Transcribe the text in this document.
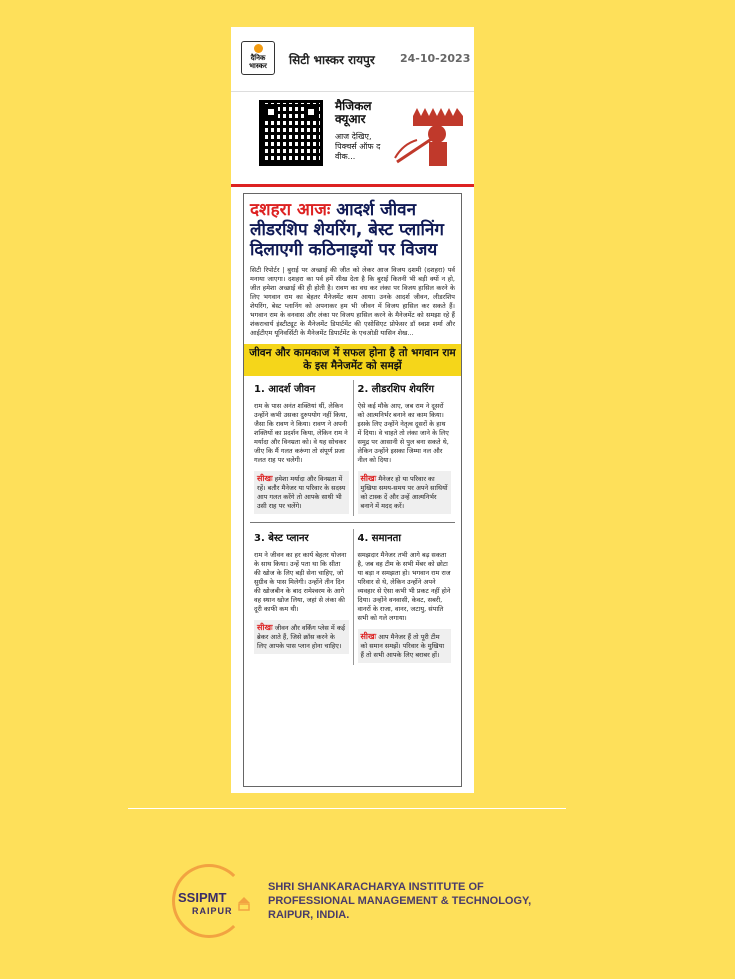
दैनिक भास्कर	सिटी भास्कर रायपुर 24-10-2023
मैजिकल क्यूआर
आज देखिए, पिक्चर्स ऑफ द वीक...
दशहरा आजः आदर्श जीवन लीडरशिप शेयरिंग, बेस्ट प्लानिंग दिलाएगी कठिनाइयों पर विजय
सिटी रिपोर्टर | बुराई पर अच्छाई की जीत को लेकर आज विजय दशमी (दशहरा) पर्व मनाया जाएगा। दशहरा का पर्व हमें सीख देता है कि बुराई कितनी भी बड़ी क्यों न हो, जीत हमेशा अच्छाई की ही होती है। रावण का वध कर लंका पर विजय हासिल करने के लिए भगवान राम का बेहतर मैनेजमेंट काम आया। उनके आदर्श जीवन, लीडरशिप शेयरिंग, बेस्ट प्लानिंग को अपनाकर हम भी जीवन में विजय हासिल कर सकते हैं। भगवान राम के वनवास और लंका पर विजय हासिल करने के मैनेजमेंट को समझा रहे हैं शंकराचार्य इंस्टीट्यूट के मैनेजमेंट डिपार्टमेंट की एसोसिएट प्रोफेसर डॉ स्वप्ना शर्मा और आईटीएम यूनिवर्सिटी के मैनेजमेंट डिपार्टमेंट के एचओडी यासिन शेख...
जीवन और कामकाज में सफल होना है तो भगवान राम के इस मैनेजमेंट को समझें
1. आदर्श जीवन
राम के पास अनंत शक्तियां थीं, लेकिन उन्होंने कभी उसका दुरुपयोग नहीं किया, जैसा कि रावण ने किया। रावण ने अपनी शक्तियों का प्रदर्शन किया, लेकिन राम ने मर्यादा और विनम्रता को। वे यह सोचकर जीए कि मैं गलत करूंगा तो संपूर्ण प्रजा गलत राह पर चलेगी।
सीखः हमेशा मर्यादा और विनम्रता में रहें। बतौर मैनेजर या परिवार के सदस्य आप गलत करेंगे तो आपके साथी भी उसी राह पर चलेंगे।
2. लीडरशिप शेयरिंग
ऐसे कई मौके आए, जब राम ने दूसरों को आत्मनिर्भर बनाने का काम किया। इसके लिए उन्होंने नेतृत्व दूसरों के हाथ में दिया। वे चाहते तो लंका जाने के लिए समुद्र पर आसानी से पुल बना सकते थे, लेकिन उन्होंने इसका जिम्मा नल और नील को दिया।
सीखः मैनेजर हो या परिवार का मुखिया समय-समय पर अपने साथियों को टास्क दें और उन्हें आत्मनिर्भर बनाने में मदद करें।
3. बेस्ट प्लानर
राम ने जीवन का हर कार्य बेहतर योजना के साथ किया। उन्हें पता था कि सीता की खोज के लिए बड़ी सेना चाहिए, जो सुग्रीव के पास मिलेगी। उन्होंने तीन दिन की खोजबीन के बाद रामेश्वरम के आगे वह स्थान खोज लिया, जहां से लंका की दूरी काफी कम थी।
सीखः जीवन और वर्किंग प्लेस में कई ब्रेकर आते हैं, जिसे क्रॉस करने के लिए आपके पास प्लान होना चाहिए।
4. समानता
समझदार मैनेजर तभी आगे बढ़ सकता है, जब वह टीम के सभी मेंबर को छोटा या बड़ा न समझता हो। भगवान राम राज परिवार से थे, लेकिन उन्होंने अपने व्यवहार से ऐसा कभी भी प्रकट नहीं होने दिया। उन्होंने वनवासी, केवट, सबरी, वानरों के राजा, वानर, जटायु, संपाति सभी को गले लगाया।
सीखः आप मैनेजर हैं तो पूरी टीम को समान समझें। परिवार के मुखिया हैं तो सभी आपके लिए बराबर हों।
SSIPMT
RAIPUR
SHRI SHANKARACHARYA INSTITUTE OF
PROFESSIONAL MANAGEMENT & TECHNOLOGY,
RAIPUR, INDIA.
